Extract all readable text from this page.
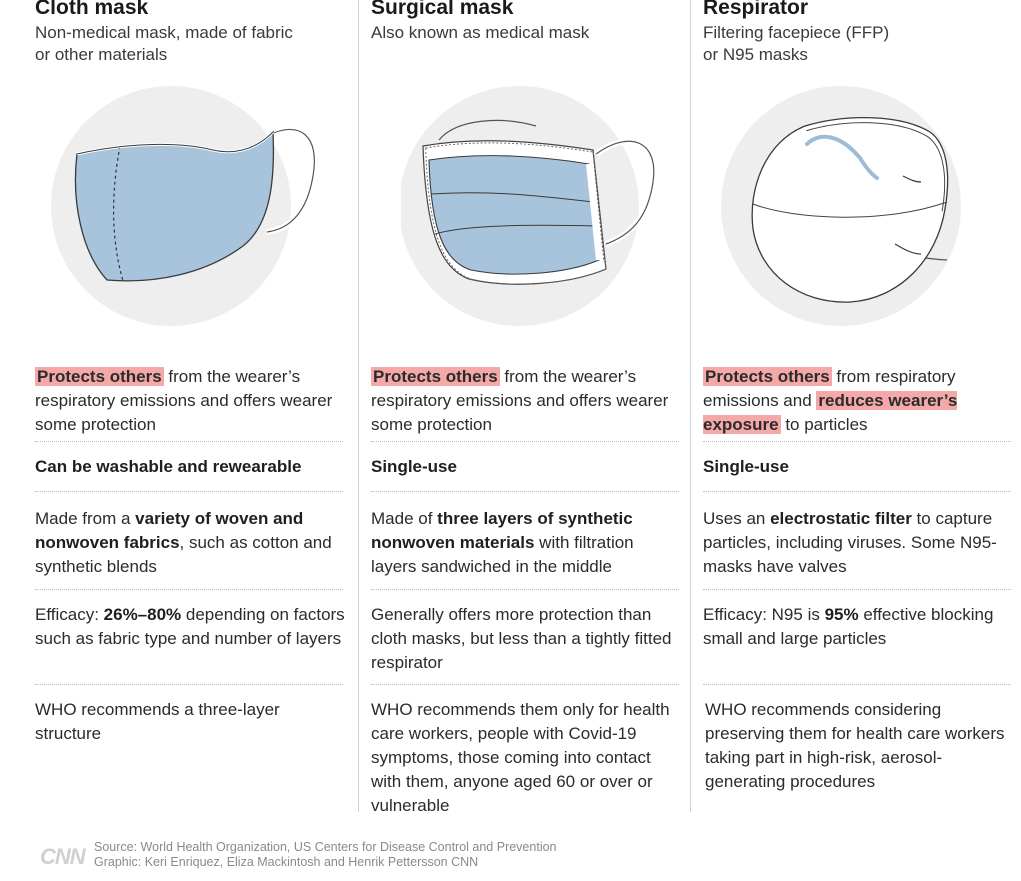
Cloth mask
Non-medical mask, made of fabric
or other materials
Protects others from the wearer’s respiratory emissions and offers wearer some protection
Can be washable and rewearable
Made from a variety of woven and nonwoven fabrics, such as cotton and synthetic blends
Efficacy: 26%–80% depending on factors such as fabric type and number of layers
WHO recommends a three-layer structure
Surgical mask
Also known as medical mask
Protects others from the wearer’s respiratory emissions and offers wearer some protection
Single-use
Made of three layers of synthetic nonwoven materials with filtration layers sandwiched in the middle
Generally offers more protection than cloth masks, but less than a tightly fitted respirator
WHO recommends them only for health care workers, people with Covid-19 symptoms, those coming into contact with them, anyone aged 60 or over or vulnerable
Respirator
Filtering facepiece (FFP)
or N95 masks
Protects others from respiratory emissions and reduces wearer’s exposure to particles
Single-use
Uses an electrostatic filter to capture particles, including viruses. Some N95-masks have valves
Efficacy: N95 is 95% effective blocking small and large particles
WHO recommends considering preserving them for health care workers taking part in high-risk, aerosol-generating procedures
CNN Source: World Health Organization, US Centers for Disease Control and Prevention
Graphic: Keri Enriquez, Eliza Mackintosh and Henrik Pettersson CNN
